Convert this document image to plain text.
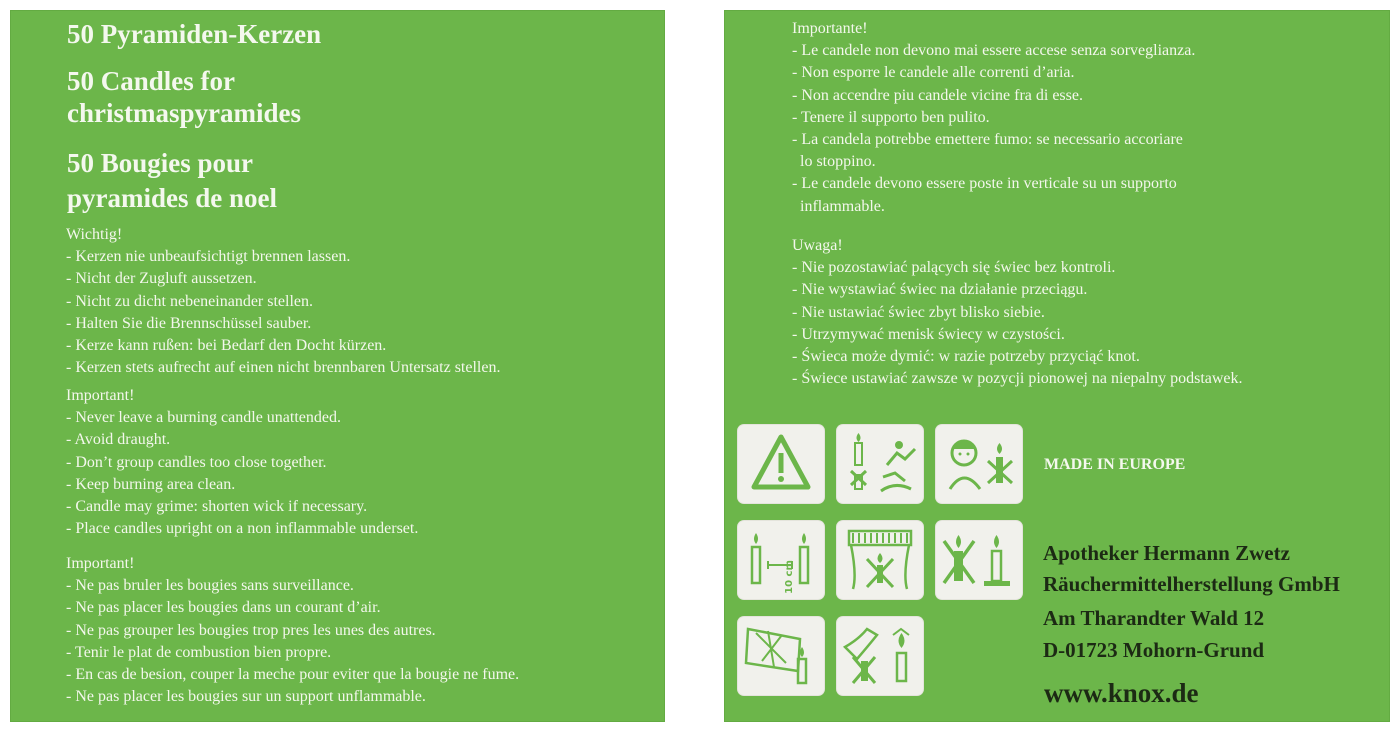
50 Pyramiden-Kerzen
50 Candles for
christmaspyramides
50 Bougies pour
pyramides de noel
Wichtig!
- Kerzen nie unbeaufsichtigt brennen lassen.
- Nicht der Zugluft aussetzen.
- Nicht zu dicht nebeneinander stellen.
- Halten Sie die Brennschüssel sauber.
- Kerze kann rußen: bei Bedarf den Docht kürzen.
- Kerzen stets aufrecht auf einen nicht brennbaren Untersatz stellen.
Important!
- Never leave a burning candle unattended.
- Avoid draught.
- Don’t group candles too close together.
- Keep burning area clean.
- Candle may grime: shorten wick if necessary.
- Place candles upright on a non inflammable underset.
Important!
- Ne pas bruler les bougies sans surveillance.
- Ne pas placer les bougies dans un courant d’air.
- Ne pas grouper les bougies trop pres les unes des autres.
- Tenir le plat de combustion bien propre.
- En cas de besion, couper la meche pour eviter que la bougie ne fume.
- Ne pas placer les bougies sur un support unflammable.
Importante!
- Le candele non devono mai essere accese senza sorveglianza.
- Non esporre le candele alle correnti d’aria.
- Non accendre piu candele vicine fra di esse.
- Tenere il supporto ben pulito.
- La candela potrebbe emettere fumo: se necessario accoriare
lo stoppino.
- Le candele devono essere poste in verticale su un supporto
inflammable.
Uwaga!
- Nie pozostawiać palących się świec bez kontroli.
- Nie wystawiać świec na działanie przeciągu.
- Nie ustawiać świec zbyt blisko siebie.
- Utrzymywać menisk świecy w czystości.
- Świeca może dymić: w razie potrzeby przyciąć knot.
- Świece ustawiać zawsze w pozycji pionowej na niepalny podstawek.
10 cm
MADE IN EUROPE
Apotheker Hermann Zwetz
Räuchermittelherstellung GmbH
Am Tharandter Wald 12
D-01723 Mohorn-Grund
www.knox.de
